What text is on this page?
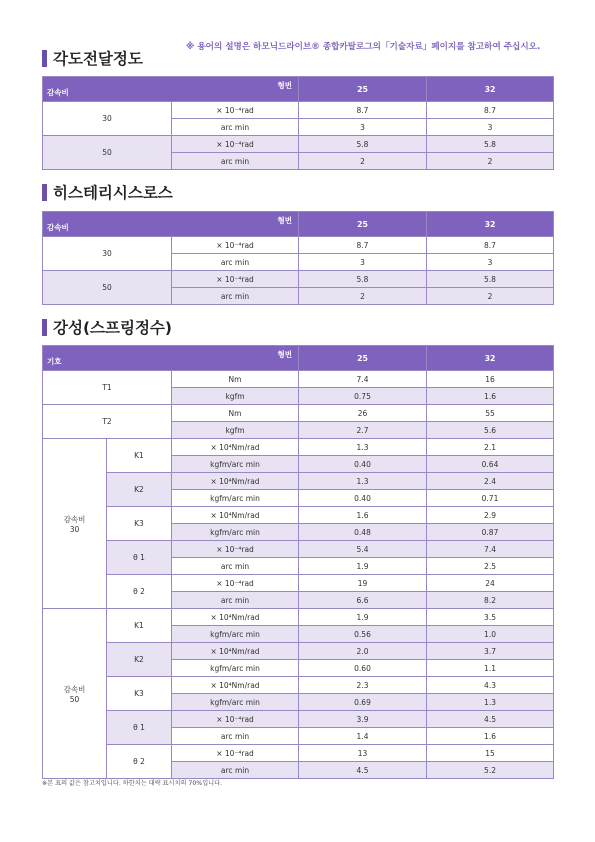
※ 용어의 설명은 하모닉드라이브® 종합카탈로그의「기술자료」페이지를 참고하여 주십시오.
각도전달정도
형번
감속비		25	32
30	× 10⁻⁴rad	8.7	8.7
	arc min	3	3
50	× 10⁻⁴rad	5.8	5.8
	arc min	2	2
히스테리시스로스
형번
감속비		25	32
30	× 10⁻⁴rad	8.7	8.7
	arc min	3	3
50	× 10⁻⁴rad	5.8	5.8
	arc min	2	2
강성(스프링정수)
형번
기호			25	32
T1		Nm	7.4	16
		kgfm	0.75	1.6
T2		Nm	26	55
		kgfm	2.7	5.6

감속비
30	K1	× 10⁴Nm/rad	1.3	2.1
		kgfm/arc min	0.40	0.64
	K2	× 10⁴Nm/rad	1.3	2.4
		kgfm/arc min	0.40	0.71
	K3	× 10⁴Nm/rad	1.6	2.9
		kgfm/arc min	0.48	0.87
	θ 1	× 10⁻⁴rad	5.4	7.4
		arc min	1.9	2.5
	θ 2	× 10⁻⁴rad	19	24
		arc min	6.6	8.2

감속비
50	K1	× 10⁴Nm/rad	1.9	3.5
		kgfm/arc min	0.56	1.0
	K2	× 10⁴Nm/rad	2.0	3.7
		kgfm/arc min	0.60	1.1
	K3	× 10⁴Nm/rad	2.3	4.3
		kgfm/arc min	0.69	1.3
	θ 1	× 10⁻⁴rad	3.9	4.5
		arc min	1.4	1.6
	θ 2	× 10⁻⁴rad	13	15
		arc min	4.5	5.2
※본 표의 값은 참고치입니다. 하한치는 대략 표시치의 70%입니다.
